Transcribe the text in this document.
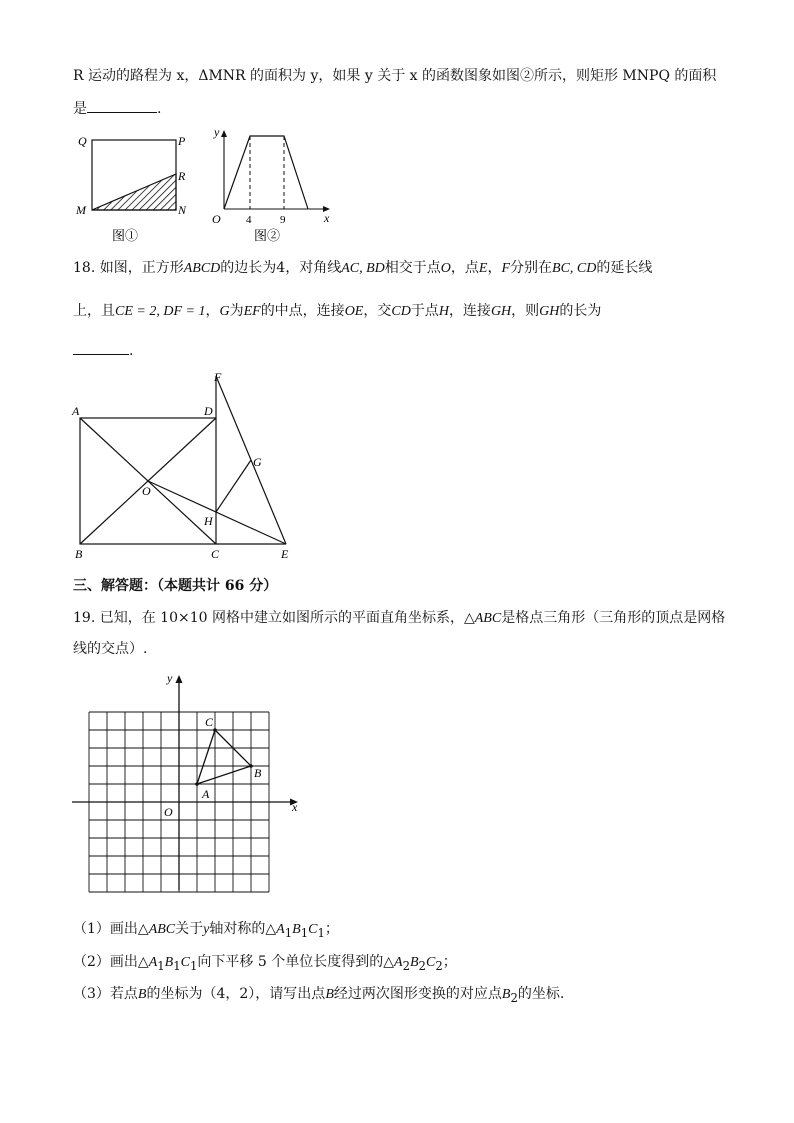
R 运动的路程为 x，ΔMNR 的面积为 y，如果 y 关于 x 的函数图象如图②所示，则矩形 MNPQ 的面积
是	.
Q	P
R
M	N
图①
y
x
O 4	9
图②
18. 如图，正方形ABCD的边长为4，对角线AC, BD相交于点O，点E，F分别在BC, CD的延长线
上，且CE = 2, DF = 1，G为EF的中点，连接OE，交CD于点H，连接GH，则GH的长为
.
A	D
F
G
O
H
B	C	E
三、解答题：（本题共计 66 分）
19. 已知，在 10×10 网格中建立如图所示的平面直角坐标系，△ABC是格点三角形（三角形的顶点是网格
线的交点）.
y
x
O
A
B
C
（1）画出△ABC关于y轴对称的$\triangle A_1B_1C_1$；
（2）画出$\triangle A_1B_1C_1$向下平移 5 个单位长度得到的$\triangle A_2B_2C_2$；
（3）若点B的坐标为（4，2），请写出点B经过两次图形变换的对应点$B_2$的坐标.
